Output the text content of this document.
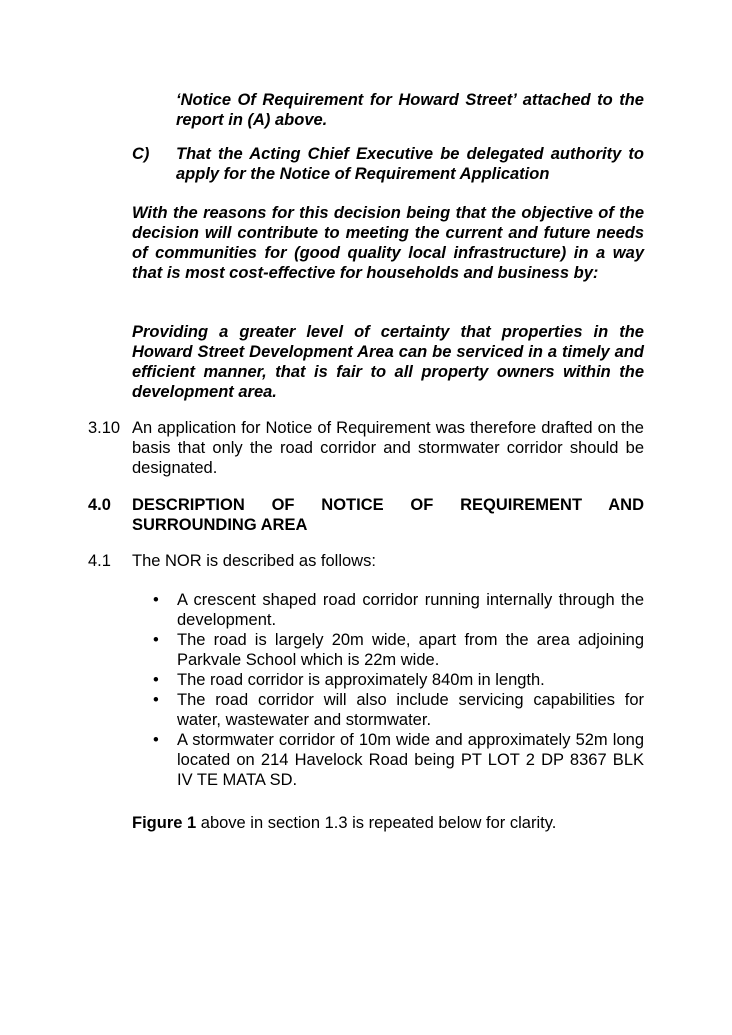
‘Notice Of Requirement for Howard Street’ attached to the report in (A) above.
C) That the Acting Chief Executive be delegated authority to apply for the Notice of Requirement Application
With the reasons for this decision being that the objective of the decision will contribute to meeting the current and future needs of communities for (good quality local infrastructure) in a way that is most cost-effective for households and business by:
Providing a greater level of certainty that properties in the Howard Street Development Area can be serviced in a timely and efficient manner, that is fair to all property owners within the development area.
3.10 An application for Notice of Requirement was therefore drafted on the basis that only the road corridor and stormwater corridor should be designated.
4.0 DESCRIPTION OF NOTICE OF REQUIREMENT AND
SURROUNDING AREA
4.1 The NOR is described as follows:
• A crescent shaped road corridor running internally through the development.
• The road is largely 20m wide, apart from the area adjoining Parkvale School which is 22m wide.
• The road corridor is approximately 840m in length.
• The road corridor will also include servicing capabilities for water, wastewater and stormwater.
• A stormwater corridor of 10m wide and approximately 52m long located on 214 Havelock Road being PT LOT 2 DP 8367 BLK IV TE MATA SD.
Figure 1 above in section 1.3 is repeated below for clarity.
